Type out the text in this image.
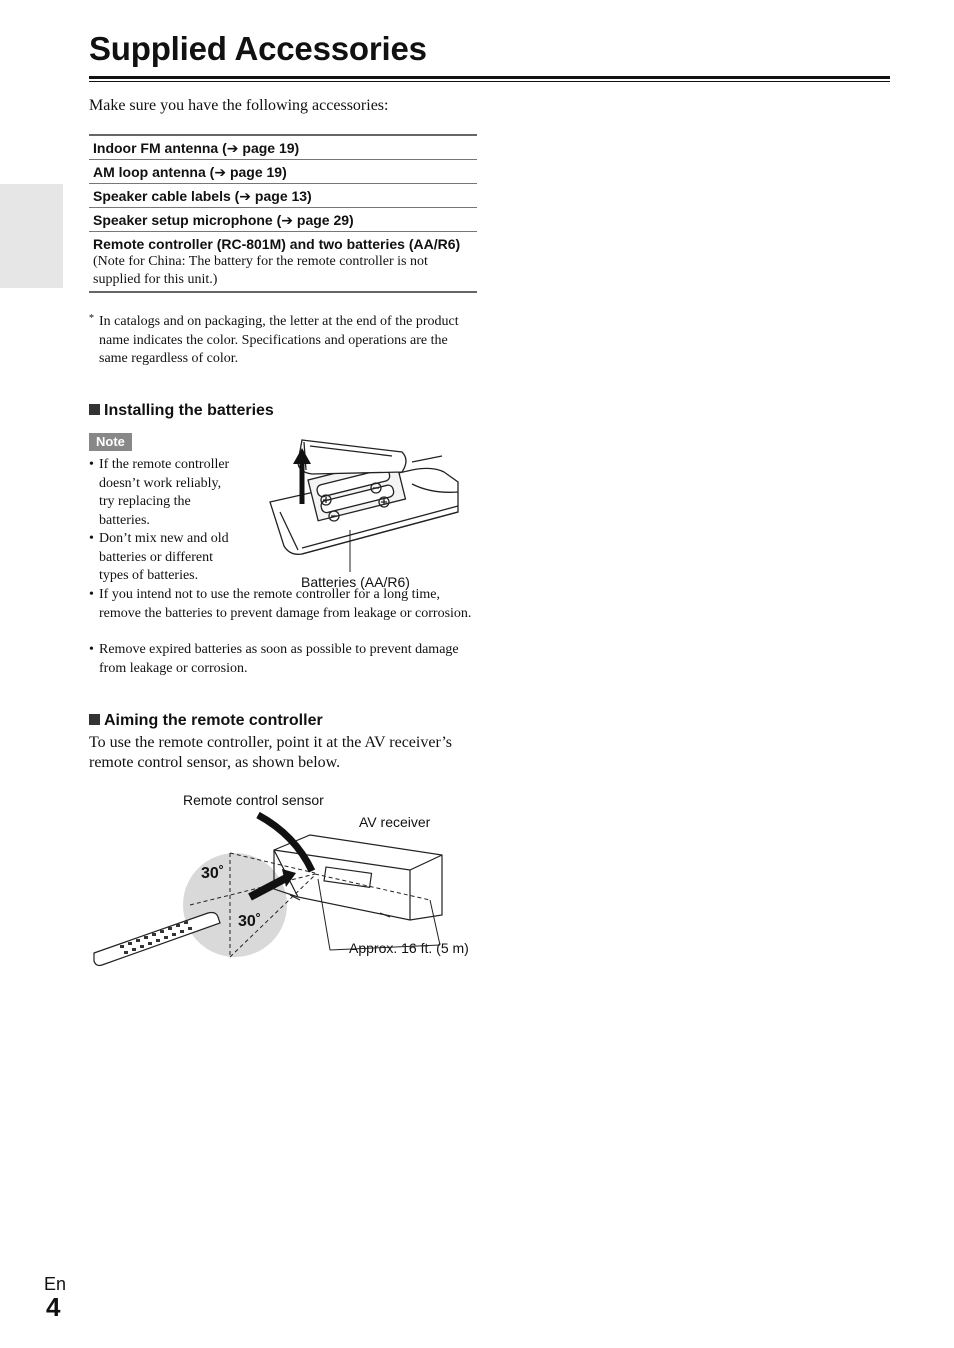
Supplied Accessories
Make sure you have the following accessories:
Indoor FM antenna (➔ page 19)
AM loop antenna (➔ page 19)
Speaker cable labels (➔ page 13)
Speaker setup microphone (➔ page 29)
Remote controller (RC-801M) and two batteries (AA/R6)
(Note for China: The battery for the remote controller is not supplied for this unit.)
* In catalogs and on packaging, the letter at the end of the product name indicates the color. Specifications and operations are the same regardless of color.
Installing the batteries
Note
• If the remote controller doesn’t work reliably, try replacing the batteries.
• Don’t mix new and old batteries or different types of batteries.
• If you intend not to use the remote controller for a long time, remove the batteries to prevent damage from leakage or corrosion.
• Remove expired batteries as soon as possible to prevent damage from leakage or corrosion.
Batteries (AA/R6)
Aiming the remote controller
To use the remote controller, point it at the AV receiver’s remote control sensor, as shown below.
Remote control sensor
AV receiver
Approx. 16 ft. (5 m)
30˚
30˚
En
4
